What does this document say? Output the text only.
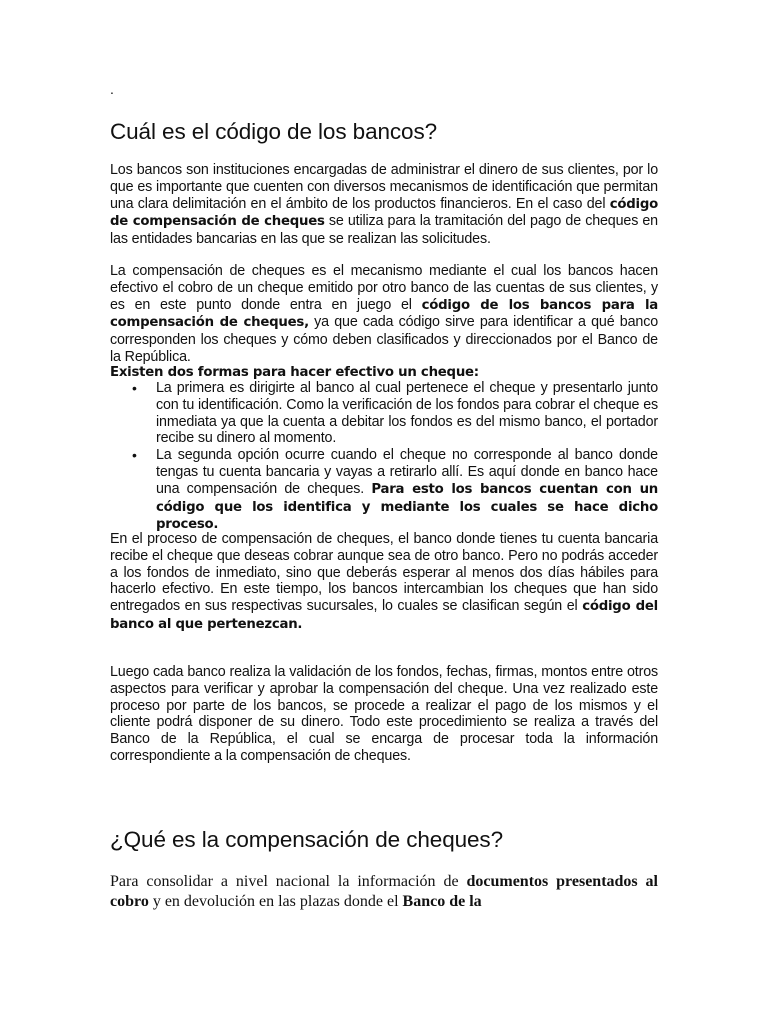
.
Cuál es el código de los bancos?

Los bancos son instituciones encargadas de administrar el dinero de sus clientes, por lo que es importante que cuenten con diversos mecanismos de identificación que permitan una clara delimitación en el ámbito de los productos financieros. En el caso del código de compensación de cheques se utiliza para la tramitación del pago de cheques en las entidades bancarias en las que se realizan las solicitudes.

La compensación de cheques es el mecanismo mediante el cual los bancos hacen efectivo el cobro de un cheque emitido por otro banco de las cuentas de sus clientes, y es en este punto donde entra en juego el código de los bancos para la compensación de cheques, ya que cada código sirve para identificar a qué banco corresponden los cheques y cómo deben clasificados y direccionados por el Banco de la República.

Existen dos formas para hacer efectivo un cheque:

• La primera es dirigirte al banco al cual pertenece el cheque y presentarlo junto con tu identificación. Como la verificación de los fondos para cobrar el cheque es inmediata ya que la cuenta a debitar los fondos es del mismo banco, el portador recibe su dinero al momento.
• La segunda opción ocurre cuando el cheque no corresponde al banco donde tengas tu cuenta bancaria y vayas a retirarlo allí. Es aquí donde en banco hace una compensación de cheques. Para esto los bancos cuentan con un código que los identifica y mediante los cuales se hace dicho proceso.

En el proceso de compensación de cheques, el banco donde tienes tu cuenta bancaria recibe el cheque que deseas cobrar aunque sea de otro banco. Pero no podrás acceder a los fondos de inmediato, sino que deberás esperar al menos dos días hábiles para hacerlo efectivo. En este tiempo, los bancos intercambian los cheques que han sido entregados en sus respectivas sucursales, lo cuales se clasifican según el código del banco al que pertenezcan.

Luego cada banco realiza la validación de los fondos, fechas, firmas, montos entre otros aspectos para verificar y aprobar la compensación del cheque. Una vez realizado este proceso por parte de los bancos, se procede a realizar el pago de los mismos y el cliente podrá disponer de su dinero. Todo este procedimiento se realiza a través del Banco de la República, el cual se encarga de procesar toda la información correspondiente a la compensación de cheques.

¿Qué es la compensación de cheques?

Para consolidar a nivel nacional la información de documentos presentados al cobro y en devolución en las plazas donde el Banco de la
